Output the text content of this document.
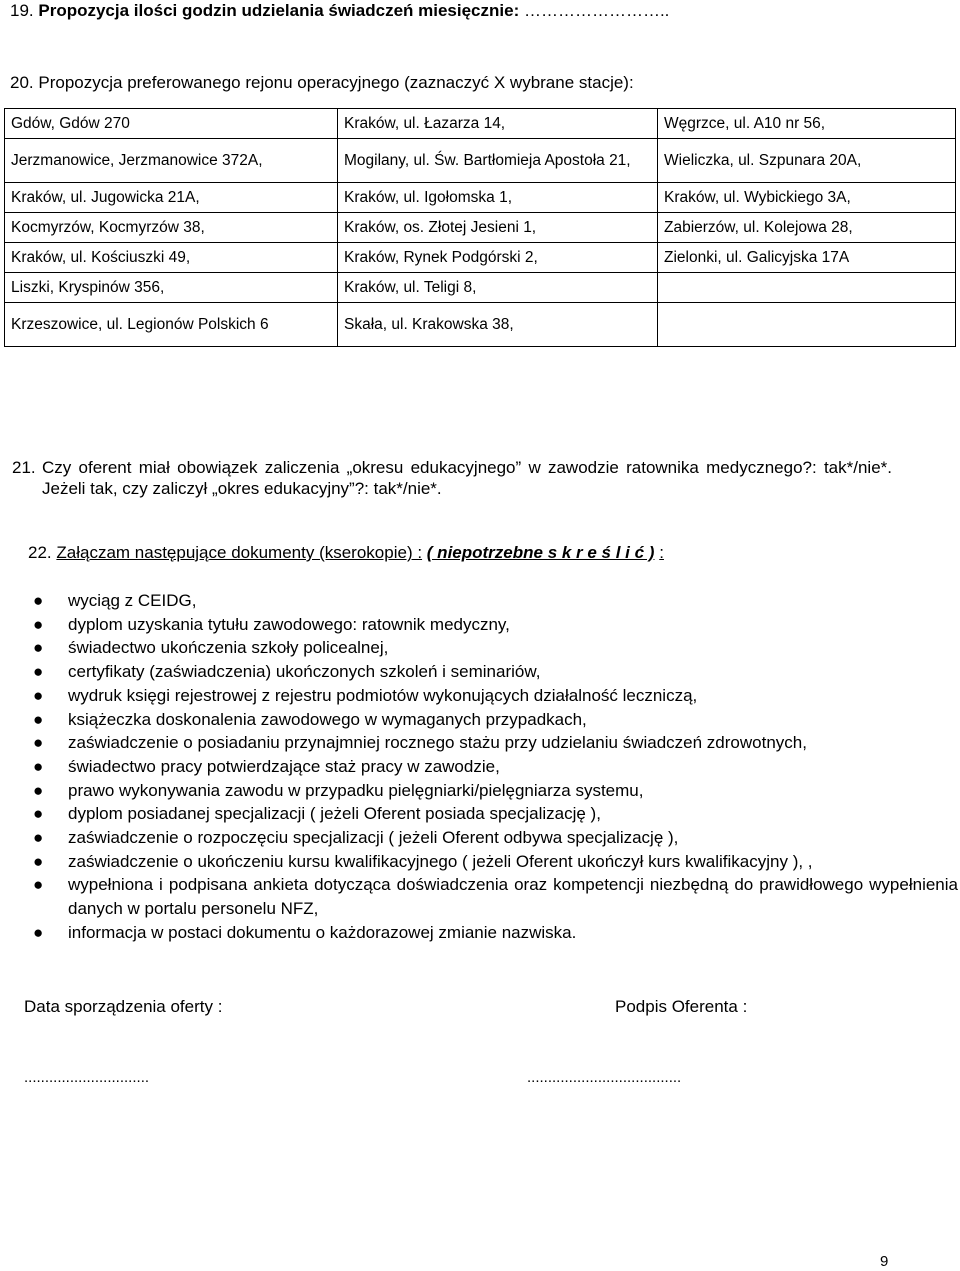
19. Propozycja ilości godzin udzielania świadczeń miesięcznie: ……………………..
20. Propozycja preferowanego rejonu operacyjnego (zaznaczyć X wybrane stacje):
Gdów, Gdów 270	Kraków, ul. Łazarza 14,	Węgrzce, ul. A10 nr 56,
Jerzmanowice, Jerzmanowice 372A,	Mogilany, ul. Św. Bartłomieja Apostoła 21,	Wieliczka, ul. Szpunara 20A,
Kraków, ul. Jugowicka 21A,	Kraków, ul. Igołomska 1,	Kraków, ul. Wybickiego 3A,
Kocmyrzów, Kocmyrzów 38,	Kraków, os. Złotej Jesieni 1,	Zabierzów, ul. Kolejowa 28,
Kraków, ul. Kościuszki 49,	Kraków, Rynek Podgórski 2,	Zielonki, ul. Galicyjska 17A
Liszki, Kryspinów 356,	Kraków, ul. Teligi 8,	
Krzeszowice, ul. Legionów Polskich 6	Skała, ul. Krakowska 38,	
21. Czy oferent miał obowiązek zaliczenia „okresu edukacyjnego” w zawodzie ratownika medycznego?: tak*/nie*. Jeżeli tak, czy zaliczył „okres edukacyjny”?: tak*/nie*.
22. Załączam następujące dokumenty (kserokopie) : ( niepotrzebne s k r e ś l i ć ) :
● wyciąg z CEIDG,
● dyplom uzyskania tytułu zawodowego: ratownik medyczny,
● świadectwo ukończenia szkoły policealnej,
● certyfikaty (zaświadczenia) ukończonych szkoleń i seminariów,
● wydruk księgi rejestrowej z rejestru podmiotów wykonujących działalność leczniczą,
● książeczka doskonalenia zawodowego w wymaganych przypadkach,
● zaświadczenie o posiadaniu przynajmniej rocznego stażu przy udzielaniu świadczeń zdrowotnych,
● świadectwo pracy potwierdzające staż pracy w zawodzie,
● prawo wykonywania zawodu w przypadku pielęgniarki/pielęgniarza systemu,
● dyplom posiadanej specjalizacji ( jeżeli Oferent posiada specjalizację ),
● zaświadczenie o rozpoczęciu specjalizacji ( jeżeli Oferent odbywa specjalizację ),
● zaświadczenie o ukończeniu kursu kwalifikacyjnego ( jeżeli Oferent ukończył kurs kwalifikacyjny ), ,
● wypełniona i podpisana ankieta dotycząca doświadczenia oraz kompetencji niezbędną do prawidłowego wypełnienia danych w portalu personelu NFZ,
● informacja w postaci dokumentu o każdorazowej zmianie nazwiska.
Data sporządzenia oferty :	Podpis Oferenta :
..............................	.....................................
9
